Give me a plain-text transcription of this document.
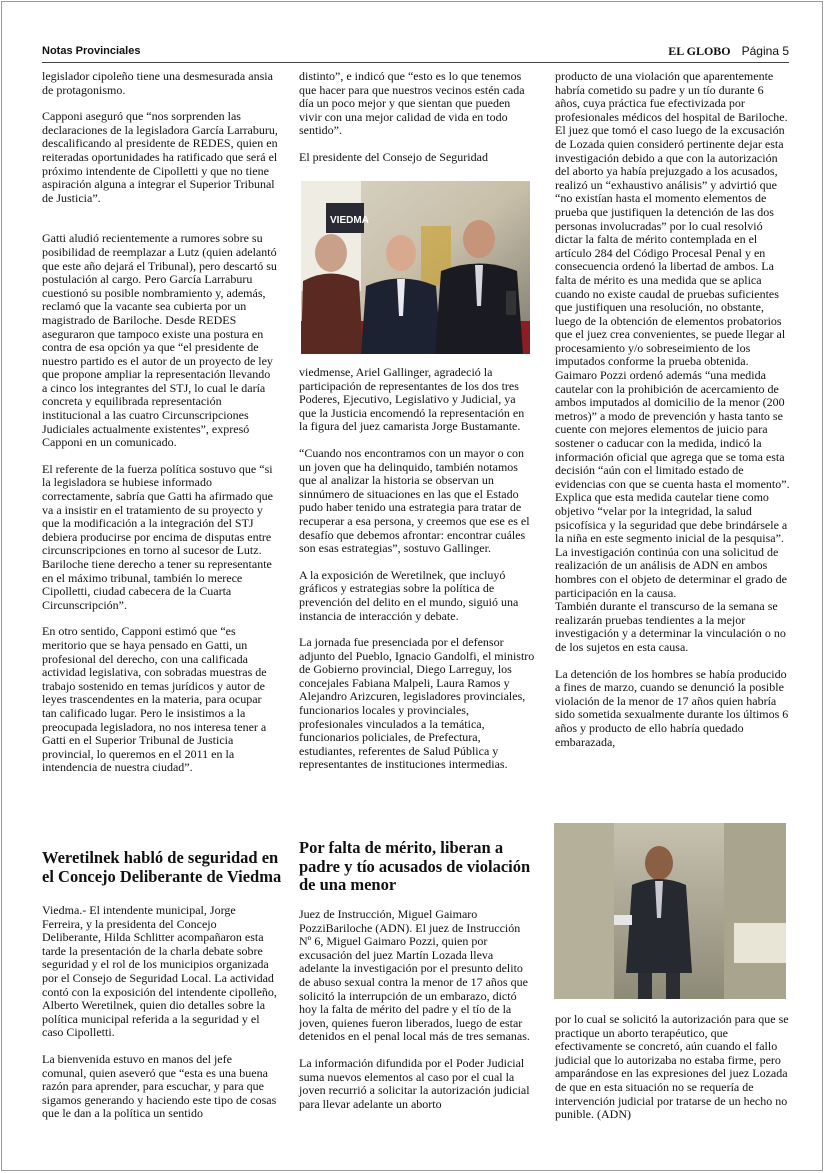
Notas Provinciales	EL GLOBO Página 5

legislador cipoleño tiene una desmesurada ansia de protagonismo.

Capponi aseguró que “nos sorprenden las declaraciones de la legisladora García Larraburu, descalificando al presidente de REDES, quien en reiteradas oportunidades ha ratificado que será el próximo intendente de Cipolletti y que no tiene aspiración alguna a integrar el Superior Tribunal de Justicia”.

Gatti aludió recientemente a rumores sobre su posibilidad de reemplazar a Lutz (quien adelantó que este año dejará el Tribunal), pero descartó su postulación al cargo. Pero García Larraburu cuestionó su posible nombramiento y, además, reclamó que la vacante sea cubierta por un magistrado de Bariloche. Desde REDES aseguraron que tampoco existe una postura en contra de esa opción ya que “el presidente de nuestro partido es el autor de un proyecto de ley que propone ampliar la representación llevando a cinco los integrantes del STJ, lo cual le daría concreta y equilibrada representación institucional a las cuatro Circunscripciones Judiciales actualmente existentes”, expresó Capponi en un comunicado.

El referente de la fuerza política sostuvo que “si la legisladora se hubiese informado correctamente, sabría que Gatti ha afirmado que va a insistir en el tratamiento de su proyecto y que la modificación a la integración del STJ debiera producirse por encima de disputas entre circunscripciones en torno al sucesor de Lutz. Bariloche tiene derecho a tener su representante en el máximo tribunal, también lo merece Cipolletti, ciudad cabecera de la Cuarta Circunscripción”.

En otro sentido, Capponi estimó que “es meritorio que se haya pensado en Gatti, un profesional del derecho, con una calificada actividad legislativa, con sobradas muestras de trabajo sostenido en temas jurídicos y autor de leyes trascendentes en la materia, para ocupar tan calificado lugar. Pero le insistimos a la preocupada legisladora, no nos interesa tener a Gatti en el Superior Tribunal de Justicia provincial, lo queremos en el 2011 en la intendencia de nuestra ciudad”.

distinto”, e indicó que “esto es lo que tenemos que hacer para que nuestros vecinos estén cada día un poco mejor y que sientan que pueden vivir con una mejor calidad de vida en todo sentido”.

El presidente del Consejo de Seguridad

VIEDMA

viedmense, Ariel Gallinger, agradeció la participación de representantes de los dos tres Poderes, Ejecutivo, Legislativo y Judicial, ya que la Justicia encomendó la representación en la figura del juez camarista Jorge Bustamante.

“Cuando nos encontramos con un mayor o con un joven que ha delinquido, también notamos que al analizar la historia se observan un sinnúmero de situaciones en las que el Estado pudo haber tenido una estrategia para tratar de recuperar a esa persona, y creemos que ese es el desafío que debemos afrontar: encontrar cuáles son esas estrategias”, sostuvo Gallinger.

A la exposición de Weretilnek, que incluyó gráficos y estrategias sobre la política de prevención del delito en el mundo, siguió una instancia de interacción y debate.

La jornada fue presenciada por el defensor adjunto del Pueblo, Ignacio Gandolfi, el ministro de Gobierno provincial, Diego Larreguy, los concejales Fabiana Malpeli, Laura Ramos y Alejandro Arizcuren, legisladores provinciales, funcionarios locales y provinciales, profesionales vinculados a la temática, funcionarios policiales, de Prefectura, estudiantes, referentes de Salud Pública y representantes de instituciones intermedias.

producto de una violación que aparentemente habría cometido su padre y un tío durante 6 años, cuya práctica fue efectivizada por profesionales médicos del hospital de Bariloche.
El juez que tomó el caso luego de la excusación de Lozada quien consideró pertinente dejar esta investigación debido a que con la autorización del aborto ya había prejuzgado a los acusados, realizó un “exhaustivo análisis” y advirtió que “no existían hasta el momento elementos de prueba que justifiquen la detención de las dos personas involucradas” por lo cual resolvió dictar la falta de mérito contemplada en el artículo 284 del Código Procesal Penal y en consecuencia ordenó la libertad de ambos. La falta de mérito es una medida que se aplica cuando no existe caudal de pruebas suficientes que justifiquen una resolución, no obstante, luego de la obtención de elementos probatorios que el juez crea convenientes, se puede llegar al procesamiento y/o sobreseimiento de los imputados conforme la prueba obtenida.
Gaimaro Pozzi ordenó además “una medida cautelar con la prohibición de acercamiento de ambos imputados al domicilio de la menor (200 metros)” a modo de prevención y hasta tanto se cuente con mejores elementos de juicio para sostener o caducar con la medida, indicó la información oficial que agrega que se toma esta decisión “aún con el limitado estado de evidencias con que se cuenta hasta el momento”.
Explica que esta medida cautelar tiene como objetivo “velar por la integridad, la salud psicofísica y la seguridad que debe brindársele a la niña en este segmento inicial de la pesquisa”. La investigación continúa con una solicitud de realización de un análisis de ADN en ambos hombres con el objeto de determinar el grado de participación en la causa.
También durante el transcurso de la semana se realizarán pruebas tendientes a la mejor investigación y a determinar la vinculación o no de los sujetos en esta causa.

La detención de los hombres se había producido a fines de marzo, cuando se denunció la posible violación de la menor de 17 años quien habría sido sometida sexualmente durante los últimos 6 años y producto de ello habría quedado embarazada,

Weretilnek habló de seguridad en el Concejo Deliberante de Viedma

Viedma.- El intendente municipal, Jorge Ferreira, y la presidenta del Concejo Deliberante, Hilda Schlitter acompañaron esta tarde la presentación de la charla debate sobre seguridad y el rol de los municipios organizada por el Consejo de Seguridad Local. La actividad contó con la exposición del intendente cipolleño, Alberto Weretilnek, quien dio detalles sobre la política municipal referida a la seguridad y el caso Cipolletti.

La bienvenida estuvo en manos del jefe comunal, quien aseveró que “esta es una buena razón para aprender, para escuchar, y para que sigamos generando y haciendo este tipo de cosas que le dan a la política un sentido

Por falta de mérito, liberan a padre y tío acusados de violación de una menor

Juez de Instrucción, Miguel Gaimaro PozziBariloche (ADN). El juez de Instrucción Nº 6, Miguel Gaimaro Pozzi, quien por excusación del juez Martín Lozada lleva adelante la investigación por el presunto delito de abuso sexual contra la menor de 17 años que solicitó la interrupción de un embarazo, dictó hoy la falta de mérito del padre y el tío de la joven, quienes fueron liberados, luego de estar detenidos en el penal local más de tres semanas.

La información difundida por el Poder Judicial suma nuevos elementos al caso por el cual la joven recurrió a solicitar la autorización judicial para llevar adelante un aborto

por lo cual se solicitó la autorización para que se practique un aborto terapéutico, que efectivamente se concretó, aún cuando el fallo judicial que lo autorizaba no estaba firme, pero amparándose en las expresiones del juez Lozada de que en esta situación no se requería de intervención judicial por tratarse de un hecho no punible. (ADN)
